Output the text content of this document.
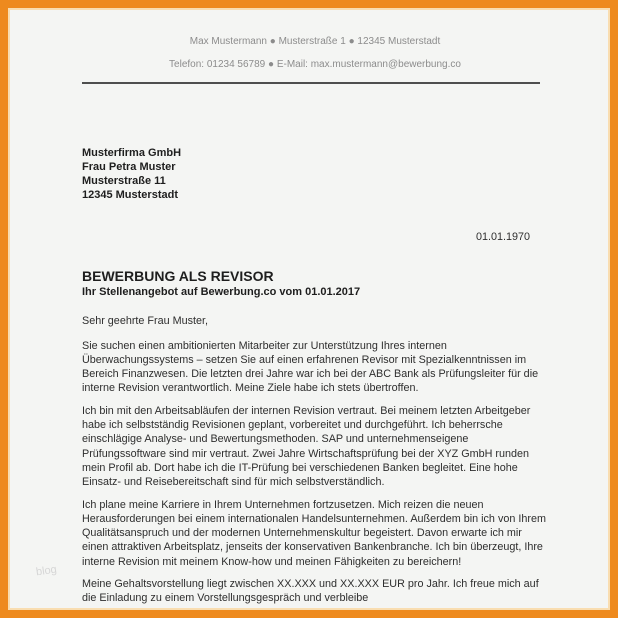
Max Mustermann ● Musterstraße 1 ● 12345 Musterstadt
Telefon: 01234 56789 ● E-Mail: max.mustermann@bewerbung.co
Musterfirma GmbH
Frau Petra Muster
Musterstraße 11
12345 Musterstadt
01.01.1970
BEWERBUNG ALS REVISOR
Ihr Stellenangebot auf Bewerbung.co vom 01.01.2017
Sehr geehrte Frau Muster,

Sie suchen einen ambitionierten Mitarbeiter zur Unterstützung Ihres internen Überwachungssystems – setzen Sie auf einen erfahrenen Revisor mit Spezialkenntnissen im Bereich Finanzwesen. Die letzten drei Jahre war ich bei der ABC Bank als Prüfungsleiter für die interne Revision verantwortlich. Meine Ziele habe ich stets übertroffen.

Ich bin mit den Arbeitsabläufen der internen Revision vertraut. Bei meinem letzten Arbeitgeber habe ich selbstständig Revisionen geplant, vorbereitet und durchgeführt. Ich beherrsche einschlägige Analyse- und Bewertungsmethoden. SAP und unternehmenseigene Prüfungssoftware sind mir vertraut. Zwei Jahre Wirtschaftsprüfung bei der XYZ GmbH runden mein Profil ab. Dort habe ich die IT-Prüfung bei verschiedenen Banken begleitet. Eine hohe Einsatz- und Reisebereitschaft sind für mich selbstverständlich.

Ich plane meine Karriere in Ihrem Unternehmen fortzusetzen. Mich reizen die neuen Herausforderungen bei einem internationalen Handelsunternehmen. Außerdem bin ich von Ihrem Qualitätsanspruch und der modernen Unternehmenskultur begeistert. Davon erwarte ich mir einen attraktiven Arbeitsplatz, jenseits der konservativen Bankenbranche. Ich bin überzeugt, Ihre interne Revision mit meinem Know-how und meinen Fähigkeiten zu bereichern!

Meine Gehaltsvorstellung liegt zwischen XX.XXX und XX.XXX EUR pro Jahr. Ich freue mich auf die Einladung zu einem Vorstellungsgespräch und verbleibe

blog
